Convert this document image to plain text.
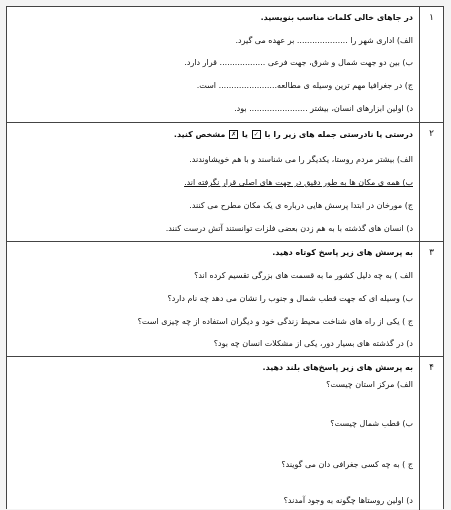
۱
در جاهای خالی کلمات مناسب بنویسید.
الف) اداری شهر را .................... بر عهده می گیرد.
ب) بین دو جهت شمال و شرق، جهت فرعی .................. قرار دارد.
ج) در جغرافیا مهم ترین وسیله ی مطالعه....................... است.
د) اولین ابزارهای انسان، بیشتر ....................... بود.
۲
درستی یا نادرستی جمله های زیر را با ✓ یا ✗ مشخص کنید.
الف) بیشتر مردم روستا، یکدیگر را می شناسند و با هم خویشاوندند.
ب) همه ی مکان ها به طور دقیق در جهت های اصلی قرار نگرفته اند.
ج) مورخان در ابتدا پرسش هایی درباره ی یک مکان مطرح می کنند.
د) انسان های گذشته با به هم زدن بعضی فلزات توانستند آتش درست کنند.
۳
به پرسش های زیر پاسخ کوتاه دهید.
الف ) به چه دلیل کشور ما به قسمت های بزرگی تقسیم کرده اند؟
ب) وسیله ای که جهت قطب شمال و جنوب را نشان می دهد چه نام دارد؟
ج ) یکی از راه های شناخت محیط زندگی خود و دیگران استفاده از چه چیزی است؟
د) در گذشته های بسیار دور، یکی از مشکلات انسان چه بود؟
۴
به پرسش های زیر پاسخ‌های بلند دهید.
الف) مرکز استان چیست؟
ب) قطب شمال چیست؟
ج ) به چه کسی جغرافی دان می گویند؟
د) اولین روستاها چگونه به وجود آمدند؟
